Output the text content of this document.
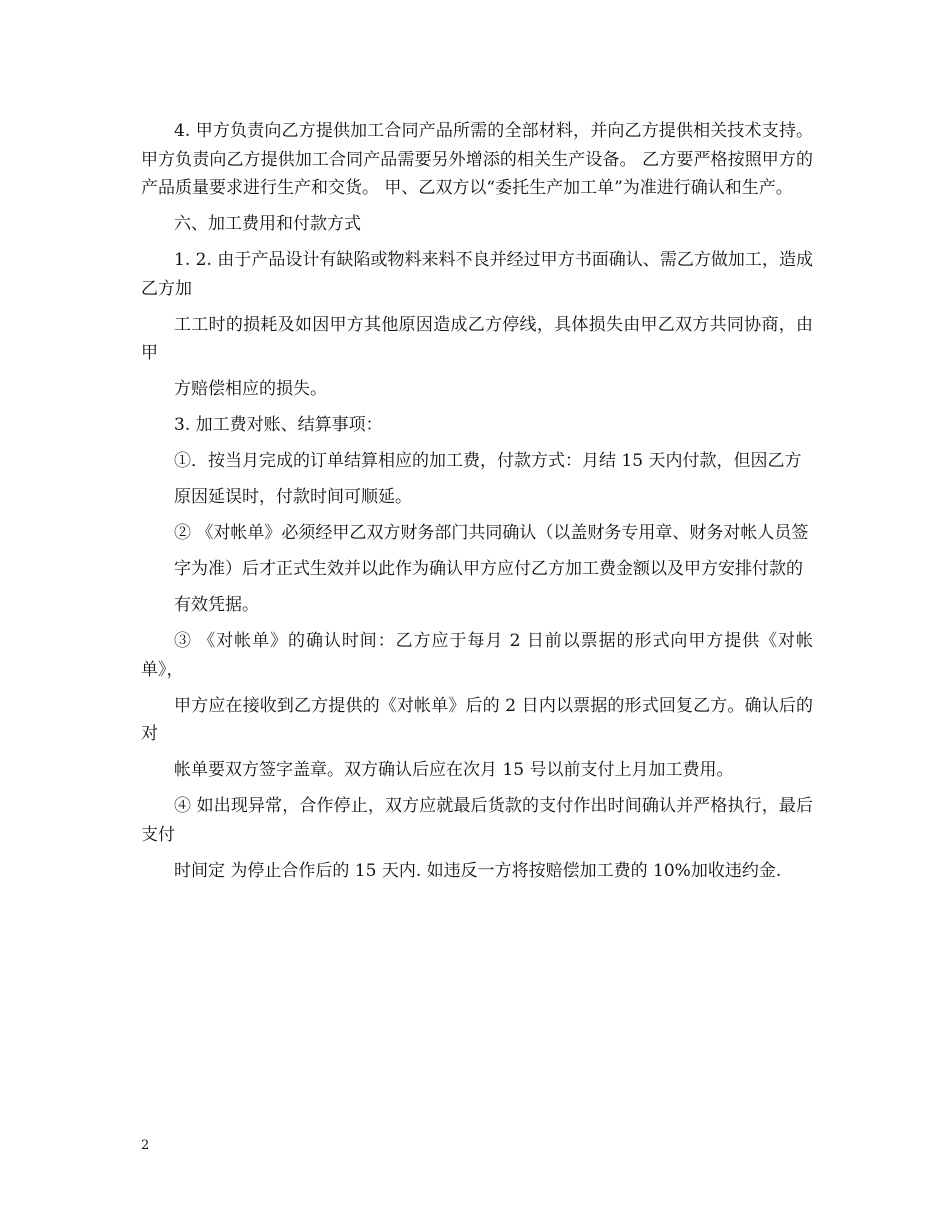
4. 甲方负责向乙方提供加工合同产品所需的全部材料，并向乙方提供相关技术支持。 甲方负责向乙方提供加工合同产品需要另外增添的相关生产设备。 乙方要严格按照甲方的产品质量要求进行生产和交货。 甲、乙双方以“委托生产加工单”为准进行确认和生产。

六、加工费用和付款方式

1. 2. 由于产品设计有缺陷或物料来料不良并经过甲方书面确认、需乙方做加工，造成乙方加

工工时的损耗及如因甲方其他原因造成乙方停线，具体损失由甲乙双方共同协商，由甲

方赔偿相应的损失。

3. 加工费对账、结算事项：

①．按当月完成的订单结算相应的加工费，付款方式：月结 15 天内付款，但因乙方

原因延误时，付款时间可顺延。

② 《对帐单》必须经甲乙双方财务部门共同确认（以盖财务专用章、财务对帐人员签

字为准）后才正式生效并以此作为确认甲方应付乙方加工费金额以及甲方安排付款的

有效凭据。

③ 《对帐单》的确认时间：乙方应于每月 2 日前以票据的形式向甲方提供《对帐单》，

甲方应在接收到乙方提供的《对帐单》后的 2 日内以票据的形式回复乙方。确认后的对

帐单要双方签字盖章。双方确认后应在次月 15 号以前支付上月加工费用。

④ 如出现异常，合作停止，双方应就最后货款的支付作出时间确认并严格执行，最后支付

时间定 为停止合作后的 15 天内. 如违反一方将按赔偿加工费的 10%加收违约金.

2
